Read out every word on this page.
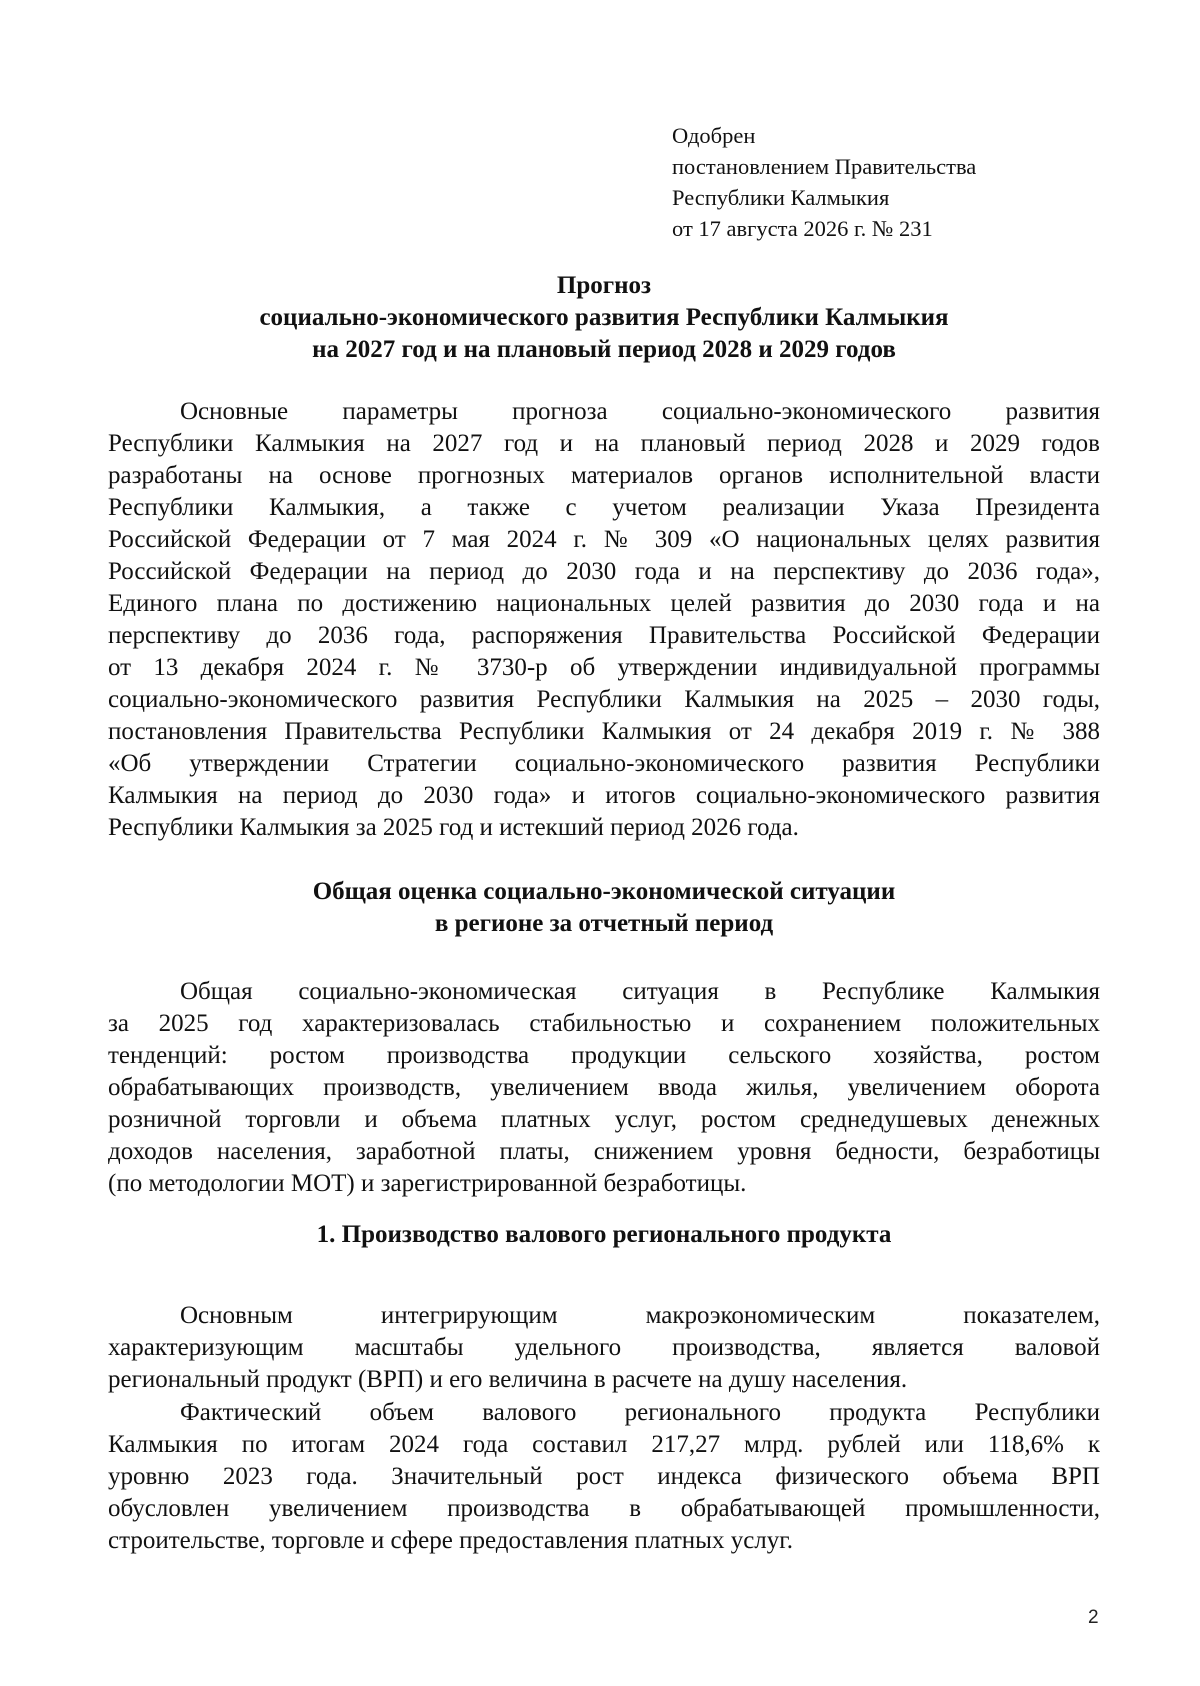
Одобрен
постановлением Правительства
Республики Калмыкия
от 17 августа 2026 г. № 231
Прогноз
социально-экономического развития Республики Калмыкия
на 2027 год и на плановый период 2028 и 2029 годов
Основные параметры прогноза социально-экономического развития
Республики Калмыкия на 2027 год и на плановый период 2028 и 2029 годов
разработаны на основе прогнозных материалов органов исполнительной власти
Республики Калмыкия, а также с учетом реализации Указа Президента
Российской Федерации от 7 мая 2024 г. № 309 «О национальных целях развития
Российской Федерации на период до 2030 года и на перспективу до 2036 года»,
Единого плана по достижению национальных целей развития до 2030 года и на
перспективу до 2036 года, распоряжения Правительства Российской Федерации
от 13 декабря 2024 г. № 3730-р об утверждении индивидуальной программы
социально-экономического развития Республики Калмыкия на 2025 – 2030 годы,
постановления Правительства Республики Калмыкия от 24 декабря 2019 г. № 388
«Об утверждении Стратегии социально-экономического развития Республики
Калмыкия на период до 2030 года» и итогов социально-экономического развития
Республики Калмыкия за 2025 год и истекший период 2026 года.
Общая оценка социально-экономической ситуации
в регионе за отчетный период
Общая социально-экономическая ситуация в Республике Калмыкия
за 2025 год характеризовалась стабильностью и сохранением положительных
тенденций: ростом производства продукции сельского хозяйства, ростом
обрабатывающих производств, увеличением ввода жилья, увеличением оборота
розничной торговли и объема платных услуг, ростом среднедушевых денежных
доходов населения, заработной платы, снижением уровня бедности, безработицы
(по методологии МОТ) и зарегистрированной безработицы.
1. Производство валового регионального продукта
Основным интегрирующим макроэкономическим показателем,
характеризующим масштабы удельного производства, является валовой
региональный продукт (ВРП) и его величина в расчете на душу населения.
Фактический объем валового регионального продукта Республики
Калмыкия по итогам 2024 года составил 217,27 млрд. рублей или 118,6% к
уровню 2023 года. Значительный рост индекса физического объема ВРП
обусловлен увеличением производства в обрабатывающей промышленности,
строительстве, торговле и сфере предоставления платных услуг.
2
